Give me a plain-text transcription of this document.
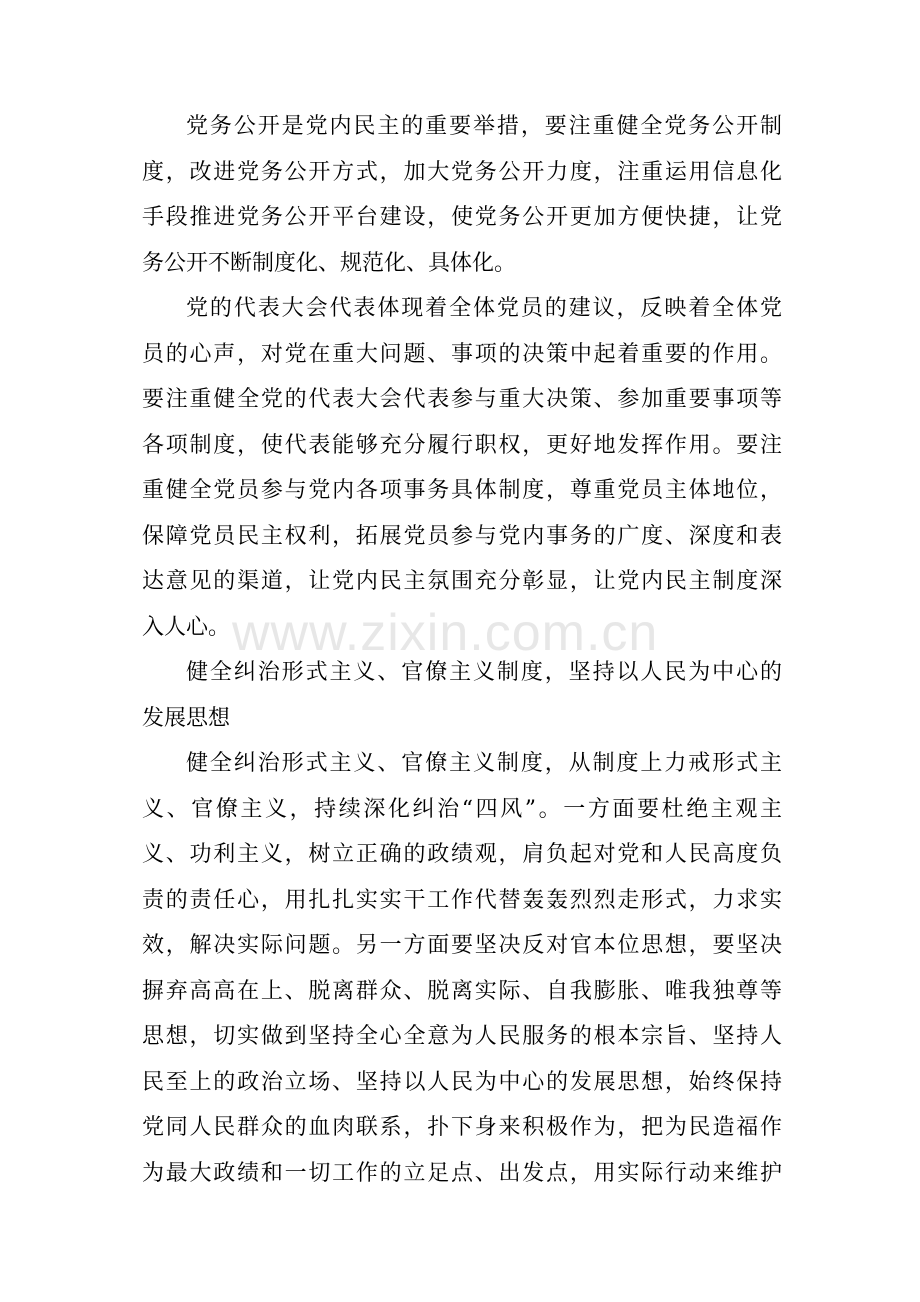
党务公开是党内民主的重要举措，要注重健全党务公开制
度，改进党务公开方式，加大党务公开力度，注重运用信息化
手段推进党务公开平台建设，使党务公开更加方便快捷，让党
务公开不断制度化、规范化、具体化。
党的代表大会代表体现着全体党员的建议，反映着全体党
员的心声，对党在重大问题、事项的决策中起着重要的作用。
要注重健全党的代表大会代表参与重大决策、参加重要事项等
各项制度，使代表能够充分履行职权，更好地发挥作用。要注
重健全党员参与党内各项事务具体制度，尊重党员主体地位，
保障党员民主权利，拓展党员参与党内事务的广度、深度和表
达意见的渠道，让党内民主氛围充分彰显，让党内民主制度深
入人心。
健全纠治形式主义、官僚主义制度，坚持以人民为中心的
发展思想
健全纠治形式主义、官僚主义制度，从制度上力戒形式主
义、官僚主义，持续深化纠治“四风”。一方面要杜绝主观主
义、功利主义，树立正确的政绩观，肩负起对党和人民高度负
责的责任心，用扎扎实实干工作代替轰轰烈烈走形式，力求实
效，解决实际问题。另一方面要坚决反对官本位思想，要坚决
摒弃高高在上、脱离群众、脱离实际、自我膨胀、唯我独尊等
思想，切实做到坚持全心全意为人民服务的根本宗旨、坚持人
民至上的政治立场、坚持以人民为中心的发展思想，始终保持
党同人民群众的血肉联系，扑下身来积极作为，把为民造福作
为最大政绩和一切工作的立足点、出发点，用实际行动来维护
www.zixin.com.cn
